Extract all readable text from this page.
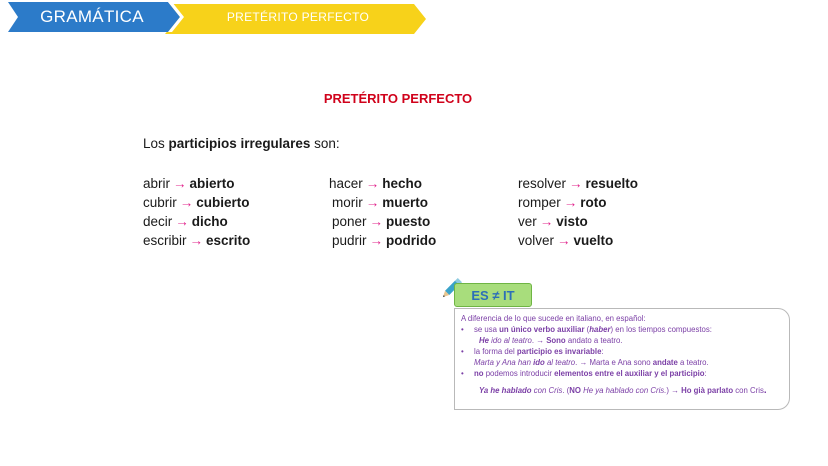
GRAMÁTICA	PRETÉRITO PERFECTO
PRETÉRITO PERFECTO
Los participios irregulares son:
abrir → abierto
cubrir → cubierto
decir → dicho
escribir → escrito
hacer → hecho
morir → muerto
poner → puesto
pudrir → podrido
resolver → resuelto
romper → roto
ver → visto
volver → vuelto
ES ≠ IT
A diferencia de lo que sucede en italiano, en español:
• se usa un único verbo auxiliar (haber) en los tiempos compuestos:
He ido al teatro. → Sono andato a teatro.
• la forma del participio es invariable:
Marta y Ana han ido al teatro. → Marta e Ana sono andate a teatro.
• no podemos introducir elementos entre el auxiliar y el participio:
Ya he hablado con Cris. (NO He ya hablado con Cris.) → Ho già parlato con Cris.
